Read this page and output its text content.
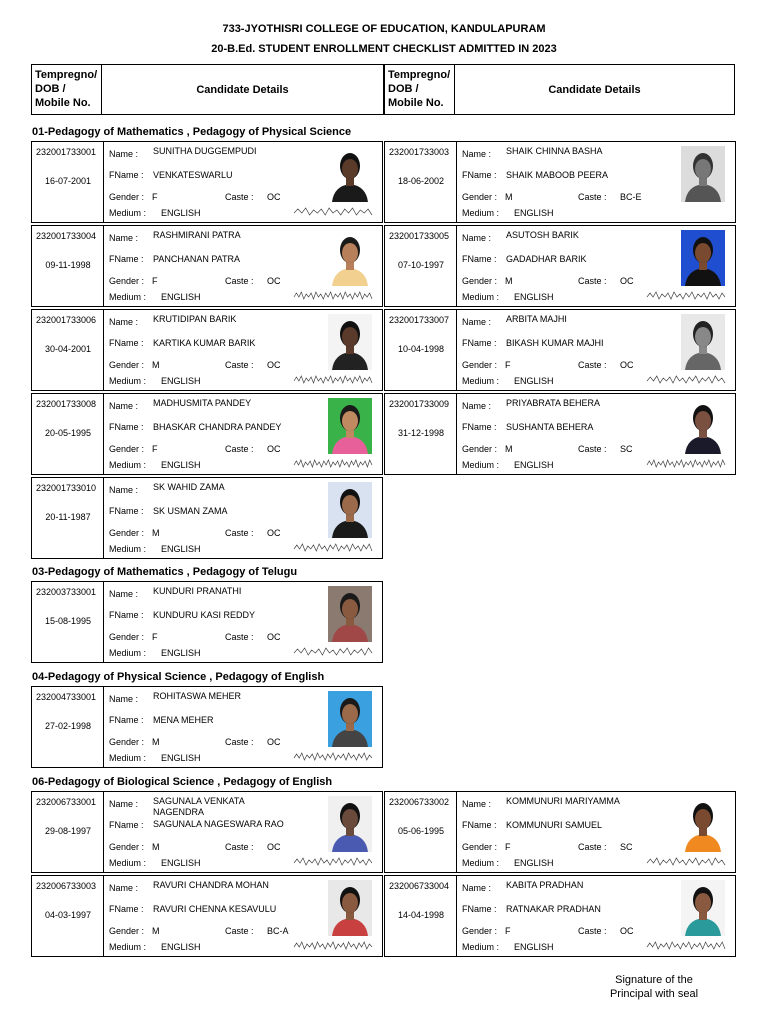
733-JYOTHISRI COLLEGE OF EDUCATION, KANDULAPURAM
20-B.Ed. STUDENT ENROLLMENT CHECKLIST ADMITTED IN 2023
Tempregno/
DOB /
Mobile No.
Candidate Details
Tempregno/
DOB /
Mobile No.
Candidate Details
01-Pedagogy of Mathematics , Pedagogy of Physical Science
232001733001
16-07-2001
Name : SUNITHA DUGGEMPUDI
FName : VENKATESWARLU
Gender : F	Caste : OC
Medium : ENGLISH
232001733003
18-06-2002
Name : SHAIK CHINNA BASHA
FName : SHAIK MABOOB PEERA
Gender : M	Caste : BC-E
Medium : ENGLISH
232001733004
09-11-1998
Name : RASHMIRANI PATRA
FName : PANCHANAN PATRA
Gender : F	Caste : OC
Medium : ENGLISH
232001733005
07-10-1997
Name : ASUTOSH BARIK
FName : GADADHAR BARIK
Gender : M	Caste : OC
Medium : ENGLISH
232001733006
30-04-2001
Name : KRUTIDIPAN BARIK
FName : KARTIKA KUMAR BARIK
Gender : M	Caste : OC
Medium : ENGLISH
232001733007
10-04-1998
Name : ARBITA MAJHI
FName : BIKASH KUMAR MAJHI
Gender : F	Caste : OC
Medium : ENGLISH
232001733008
20-05-1995
Name : MADHUSMITA PANDEY
FName : BHASKAR CHANDRA PANDEY
Gender : F	Caste : OC
Medium : ENGLISH
232001733009
31-12-1998
Name : PRIYABRATA BEHERA
FName : SUSHANTA BEHERA
Gender : M	Caste : SC
Medium : ENGLISH
232001733010
20-11-1987
Name : SK WAHID ZAMA
FName : SK USMAN ZAMA
Gender : M	Caste : OC
Medium : ENGLISH
03-Pedagogy of Mathematics , Pedagogy of Telugu
232003733001
15-08-1995
Name : KUNDURI PRANATHI
FName : KUNDURU KASI REDDY
Gender : F	Caste : OC
Medium : ENGLISH
04-Pedagogy of Physical Science , Pedagogy of English
232004733001
27-02-1998
Name : ROHITASWA MEHER
FName : MENA MEHER
Gender : M	Caste : OC
Medium : ENGLISH
06-Pedagogy of Biological Science , Pedagogy of English
232006733001
29-08-1997
Name : SAGUNALA VENKATA NAGENDRA
FName : SAGUNALA NAGESWARA RAO
Gender : M	Caste : OC
Medium : ENGLISH
232006733002
05-06-1995
Name : KOMMUNURI MARIYAMMA
FName : KOMMUNURI SAMUEL
Gender : F	Caste : SC
Medium : ENGLISH
232006733003
04-03-1997
Name : RAVURI CHANDRA MOHAN
FName : RAVURI CHENNA KESAVULU
Gender : M	Caste : BC-A
Medium : ENGLISH
232006733004
14-04-1998
Name : KABITA PRADHAN
FName : RATNAKAR PRADHAN
Gender : F	Caste : OC
Medium : ENGLISH
Signature of the
Principal with seal
